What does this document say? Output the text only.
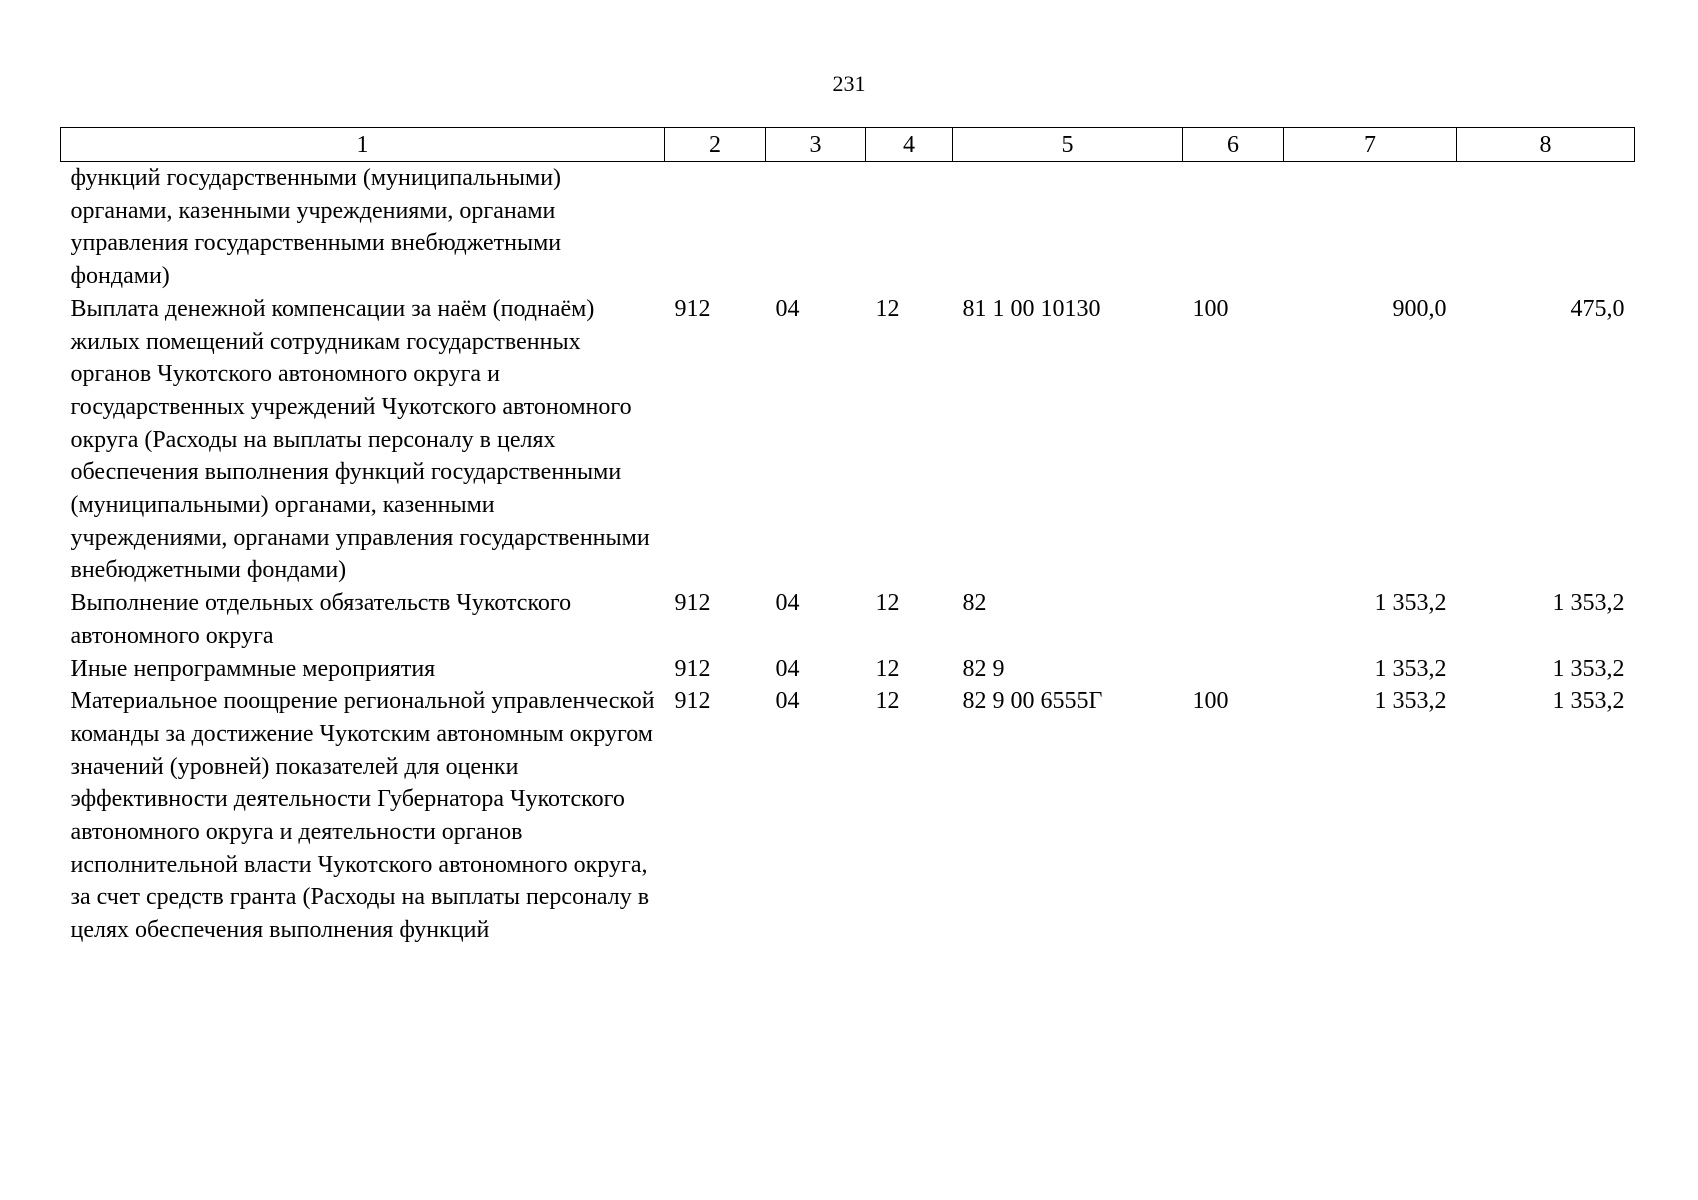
231
1	2	3	4	5	6	7	8
функций государственными (муниципальными) органами, казенными учреждениями, органами управления государственными внебюджетными фондами)							
Выплата денежной компенсации за наём (поднаём) жилых помещений сотрудникам государственных органов Чукотского автономного округа и государственных учреждений Чукотского автономного округа (Расходы на выплаты персоналу в целях обеспечения выполнения функций государственными (муниципальными) органами, казенными учреждениями, органами управления государственными внебюджетными фондами)	912	04	12	81 1 00 10130	100	900,0	475,0
Выполнение отдельных обязательств Чукотского автономного округа	912	04	12	82		1 353,2	1 353,2
Иные непрограммные мероприятия	912	04	12	82 9		1 353,2	1 353,2
Материальное поощрение региональной управленческой команды за достижение Чукотским автономным округом значений (уровней) показателей для оценки эффективности деятельности Губернатора Чукотского автономного округа и деятельности органов исполнительной власти Чукотского автономного округа, за счет средств гранта (Расходы на выплаты персоналу в целях обеспечения выполнения функций	912	04	12	82 9 00 6555Г	100	1 353,2	1 353,2
